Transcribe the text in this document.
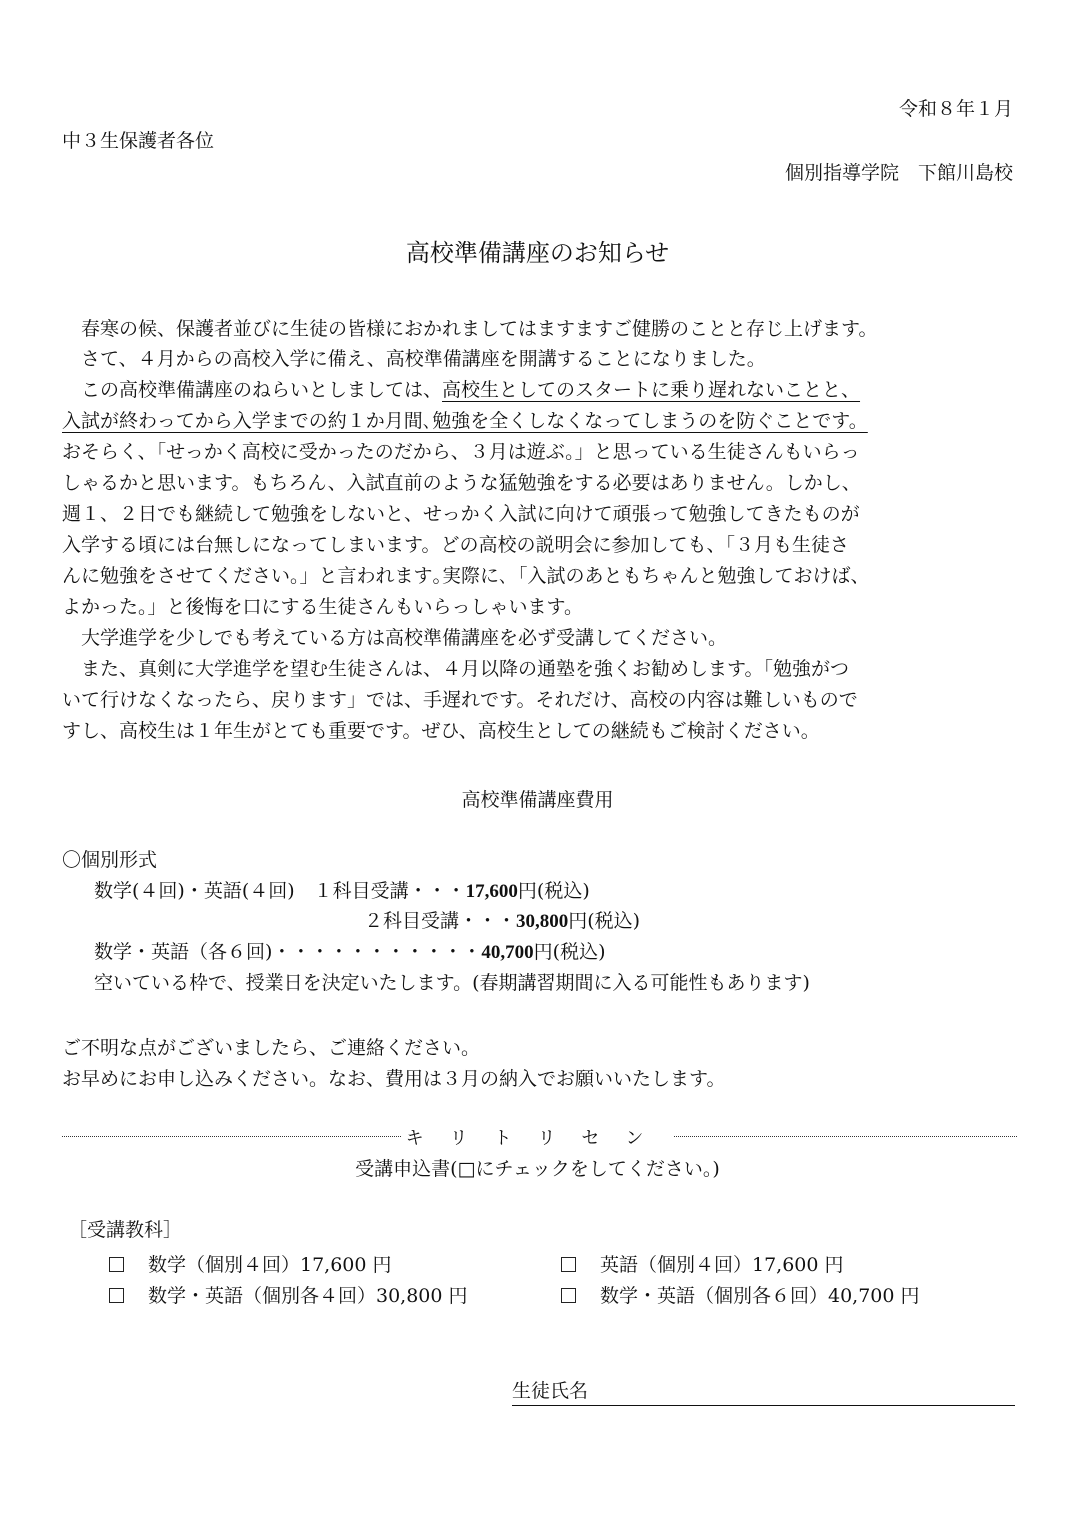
令和８年１月
中３生保護者各位
個別指導学院　下館川島校
高校準備講座のお知らせ
春寒の候、保護者並びに生徒の皆様におかれましてはますますご健勝のことと存じ上げます。
さて、４月からの高校入学に備え、高校準備講座を開講することになりました。
この高校準備講座のねらいとしましては、高校生としてのスタートに乗り遅れないことと、
入試が終わってから入学までの約１か月間､勉強を全くしなくなってしまうのを防ぐことです。
おそらく、「せっかく高校に受かったのだから、３月は遊ぶ。」と思っている生徒さんもいらっ
しゃるかと思います。もちろん、入試直前のような猛勉強をする必要はありません。しかし、
週１、２日でも継続して勉強をしないと、せっかく入試に向けて頑張って勉強してきたものが
入学する頃には台無しになってしまいます。どの高校の説明会に参加しても、「３月も生徒さ
んに勉強をさせてください。」と言われます｡実際に､「入試のあともちゃんと勉強しておけば、
よかった。」と後悔を口にする生徒さんもいらっしゃいます。
大学進学を少しでも考えている方は高校準備講座を必ず受講してください。
また、真剣に大学進学を望む生徒さんは、４月以降の通塾を強くお勧めします。「勉強がつ
いて行けなくなったら、戻ります」では、手遅れです。それだけ、高校の内容は難しいもので
すし、高校生は１年生がとても重要です。ぜひ、高校生としての継続もご検討ください。
高校準備講座費用
〇個別形式
数学(４回)・英語(４回)　１科目受講・・・17,600円(税込)
２科目受講・・・30,800円(税込)
数学・英語（各６回)・・・・・・・・・・・40,700円(税込)
空いている枠で、授業日を決定いたします。(春期講習期間に入る可能性もあります)
ご不明な点がございましたら、ご連絡ください。
お早めにお申し込みください。なお、費用は３月の納入でお願いいたします。
キリトリセン
受講申込書(□にチェックをしてください。)
［受講教科］
数学（個別４回）17,600 円	英語（個別４回）17,600 円
数学・英語（個別各４回）30,800 円	数学・英語（個別各６回）40,700 円
生徒氏名
